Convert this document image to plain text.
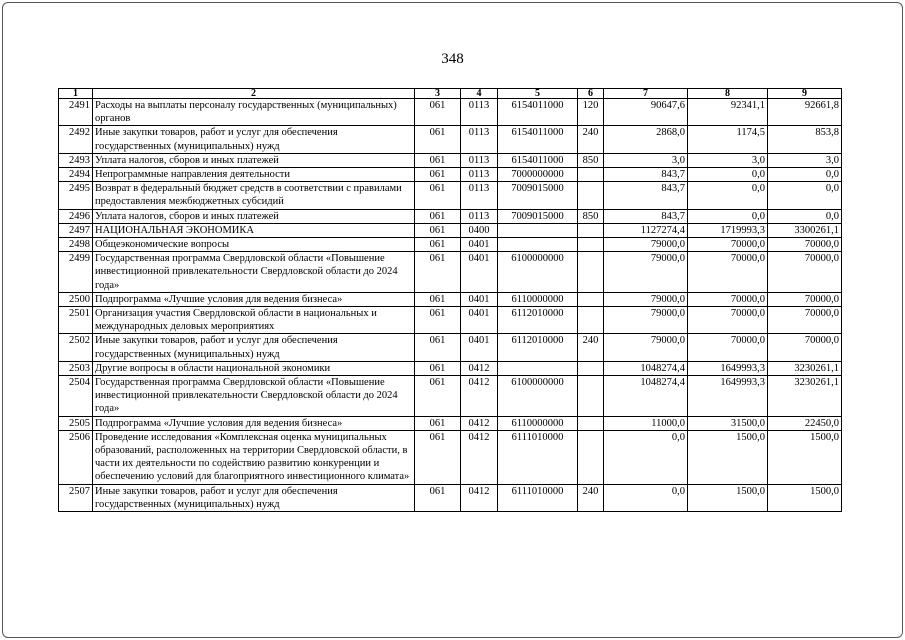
348
1	2	3	4	5	6	7	8	9
2491	Расходы на выплаты персоналу государственных (муниципальных) органов	061	0113	6154011000	120	90647,6	92341,1	92661,8
2492	Иные закупки товаров, работ и услуг для обеспечения государственных (муниципальных) нужд	061	0113	6154011000	240	2868,0	1174,5	853,8
2493	Уплата налогов, сборов и иных платежей	061	0113	6154011000	850	3,0	3,0	3,0
2494	Непрограммные направления деятельности	061	0113	7000000000		843,7	0,0	0,0
2495	Возврат в федеральный бюджет средств в соответствии с правилами предоставления межбюджетных субсидий	061	0113	7009015000		843,7	0,0	0,0
2496	Уплата налогов, сборов и иных платежей	061	0113	7009015000	850	843,7	0,0	0,0
2497	НАЦИОНАЛЬНАЯ ЭКОНОМИКА	061	0400			1127274,4	1719993,3	3300261,1
2498	Общеэкономические вопросы	061	0401			79000,0	70000,0	70000,0
2499	Государственная программа Свердловской области «Повышение инвестиционной привлекательности Свердловской области до 2024 года»	061	0401	6100000000		79000,0	70000,0	70000,0
2500	Подпрограмма «Лучшие условия для ведения бизнеса»	061	0401	6110000000		79000,0	70000,0	70000,0
2501	Организация участия Свердловской области в национальных и международных деловых мероприятиях	061	0401	6112010000		79000,0	70000,0	70000,0
2502	Иные закупки товаров, работ и услуг для обеспечения государственных (муниципальных) нужд	061	0401	6112010000	240	79000,0	70000,0	70000,0
2503	Другие вопросы в области национальной экономики	061	0412			1048274,4	1649993,3	3230261,1
2504	Государственная программа Свердловской области «Повышение инвестиционной привлекательности Свердловской области до 2024 года»	061	0412	6100000000		1048274,4	1649993,3	3230261,1
2505	Подпрограмма «Лучшие условия для ведения бизнеса»	061	0412	6110000000		11000,0	31500,0	22450,0
2506	Проведение исследования «Комплексная оценка муниципальных образований, расположенных на территории Свердловской области, в части их деятельности по содействию развитию конкуренции и обеспечению условий для благоприятного инвестиционного климата»	061	0412	6111010000		0,0	1500,0	1500,0
2507	Иные закупки товаров, работ и услуг для обеспечения государственных (муниципальных) нужд	061	0412	6111010000	240	0,0	1500,0	1500,0
